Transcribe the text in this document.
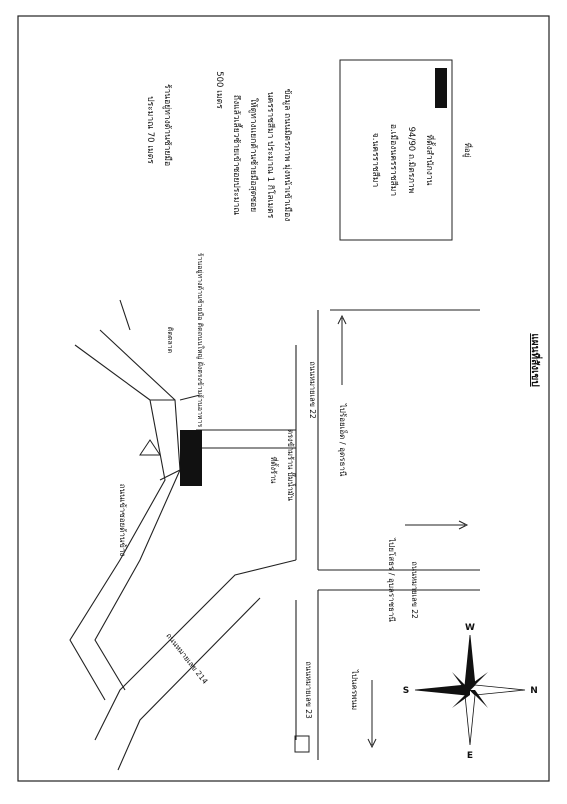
ที่อยู่
ที่ตั้งสำนักงาน
94/90 ถ.มิตรภาพ
อ.เมืองนครราชสีมา
จ.นครราชสีมา
ข้อมูล ถนนมิตรภาพ มุ่งหน้าเข้าเมือง
นครราชสีมา ประมาณ 1 กิโลเมตร
ให้ดูทางแยกด้านซ้ายมือสุดซอย
ถึงแล้วเลี้ยวซ้ายเข้าซอยประมาณ
500 เมตร
ร้านอยู่ทางด้านซ้ายมือ
ประมาณ 70 เมตร
ถนนหมายเลข 22
ถนนหมายเลข 22
ถนนหมายเลข 214
ถนนหมายเลข 23
ไปร้อยเอ็ด / อุดรธานี
ไปยโสธร / อุบลราชธานี
ไปนครพนม
ตรงข้ามร้าน ปั๊มน้ำมัน
ที่ตั้งร้าน
ถนนเข้าซอยด้านข้าง
ร้านอยู่ทางด้านซ้ายมือ ติดถนนใหญ่ ฝั่งตรงข้ามร้านอาหาร
ติดตลาด	แผนที่สังเขป
W
E
S	N
